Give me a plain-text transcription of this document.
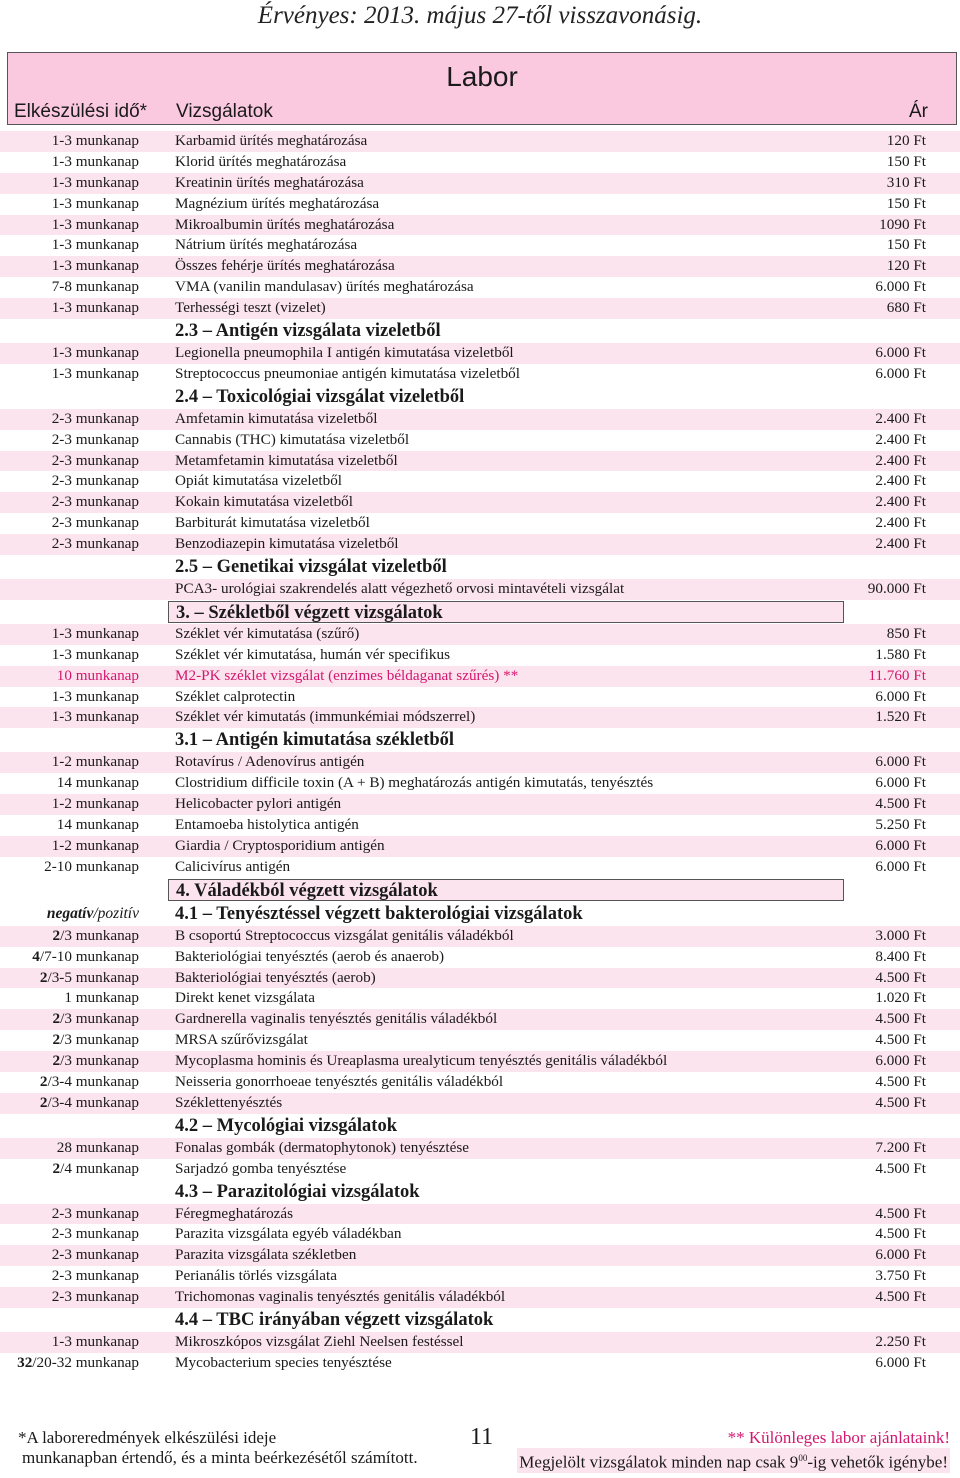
Érvényes: 2013. május 27-től visszavonásig.
Labor
Elkészülési idő* Vizsgálatok	Ár
1-3 munkanap Karbamid ürítés meghatározása	120 Ft
1-3 munkanap Klorid ürítés meghatározása	150 Ft
1-3 munkanap Kreatinin ürítés meghatározása	310 Ft
1-3 munkanap Magnézium ürítés meghatározása	150 Ft
1-3 munkanap Mikroalbumin ürítés meghatározása	1090 Ft
1-3 munkanap Nátrium ürítés meghatározása	150 Ft
1-3 munkanap Összes fehérje ürítés meghatározása	120 Ft
7-8 munkanap VMA (vanilin mandulasav) ürítés meghatározása	6.000 Ft
1-3 munkanap Terhességi teszt (vizelet)	680 Ft
2.3 – Antigén vizsgálata vizeletből
1-3 munkanap Legionella pneumophila I antigén kimutatása vizeletből	6.000 Ft
1-3 munkanap Streptococcus pneumoniae antigén kimutatása vizeletből	6.000 Ft
2.4 – Toxicológiai vizsgálat vizeletből
2-3 munkanap Amfetamin kimutatása vizeletből	2.400 Ft
2-3 munkanap Cannabis (THC) kimutatása vizeletből	2.400 Ft
2-3 munkanap Metamfetamin kimutatása vizeletből	2.400 Ft
2-3 munkanap Opiát kimutatása vizeletből	2.400 Ft
2-3 munkanap Kokain kimutatása vizeletből	2.400 Ft
2-3 munkanap Barbiturát kimutatása vizeletből	2.400 Ft
2-3 munkanap Benzodiazepin kimutatása vizeletből	2.400 Ft
2.5 – Genetikai vizsgálat vizeletből
PCA3- urológiai szakrendelés alatt végezhető orvosi mintavételi vizsgálat	90.000 Ft
3. – Székletből végzett vizsgálatok
1-3 munkanap Széklet vér kimutatása (szűrő)	850 Ft
1-3 munkanap Széklet vér kimutatása, humán vér specifikus	1.580 Ft
10 munkanap M2-PK széklet vizsgálat (enzimes béldaganat szűrés) **	11.760 Ft
1-3 munkanap Széklet calprotectin	6.000 Ft
1-3 munkanap Széklet vér kimutatás (immunkémiai módszerrel)	1.520 Ft
3.1 – Antigén kimutatása székletből
1-2 munkanap Rotavírus / Adenovírus antigén	6.000 Ft
14 munkanap Clostridium difficile toxin (A + B) meghatározás antigén kimutatás, tenyésztés	6.000 Ft
1-2 munkanap Helicobacter pylori antigén	4.500 Ft
14 munkanap Entamoeba histolytica antigén	5.250 Ft
1-2 munkanap Giardia / Cryptosporidium antigén	6.000 Ft
2-10 munkanap Calicivírus antigén	6.000 Ft
4. Váladékból végzett vizsgálatok
negatív/pozitív 4.1 – Tenyésztéssel végzett bakterológiai vizsgálatok
2/3 munkanap B csoportú Streptococcus vizsgálat genitális váladékból	3.000 Ft
4/7-10 munkanap Bakteriológiai tenyésztés (aerob és anaerob)	8.400 Ft
2/3-5 munkanap Bakteriológiai tenyésztés (aerob)	4.500 Ft
1 munkanap Direkt kenet vizsgálata	1.020 Ft
2/3 munkanap Gardnerella vaginalis tenyésztés genitális váladékból	4.500 Ft
2/3 munkanap MRSA szűrővizsgálat	4.500 Ft
2/3 munkanap Mycoplasma hominis és Ureaplasma urealyticum tenyésztés genitális váladékból	6.000 Ft
2/3-4 munkanap Neisseria gonorrhoeae tenyésztés genitális váladékból	4.500 Ft
2/3-4 munkanap Széklettenyésztés	4.500 Ft
4.2 – Mycológiai vizsgálatok
28 munkanap Fonalas gombák (dermatophytonok) tenyésztése	7.200 Ft
2/4 munkanap Sarjadzó gomba tenyésztése	4.500 Ft
4.3 – Parazitológiai vizsgálatok
2-3 munkanap Féregmeghatározás	4.500 Ft
2-3 munkanap Parazita vizsgálata egyéb váladékban	4.500 Ft
2-3 munkanap Parazita vizsgálata székletben	6.000 Ft
2-3 munkanap Perianális törlés vizsgálata	3.750 Ft
2-3 munkanap Trichomonas vaginalis tenyésztés genitális váladékból	4.500 Ft
4.4 – TBC irányában végzett vizsgálatok
1-3 munkanap Mikroszkópos vizsgálat Ziehl Neelsen festéssel	2.250 Ft
32/20-32 munkanap Mycobacterium species tenyésztése	6.000 Ft
*A laboreredmények elkészülési ideje
munkanapban értendő, és a minta beérkezésétől számított.
11	** Különleges labor ajánlataink!
Megjelölt vizsgálatok minden nap csak $9^{00}-ig$ vehetők igénybe!
